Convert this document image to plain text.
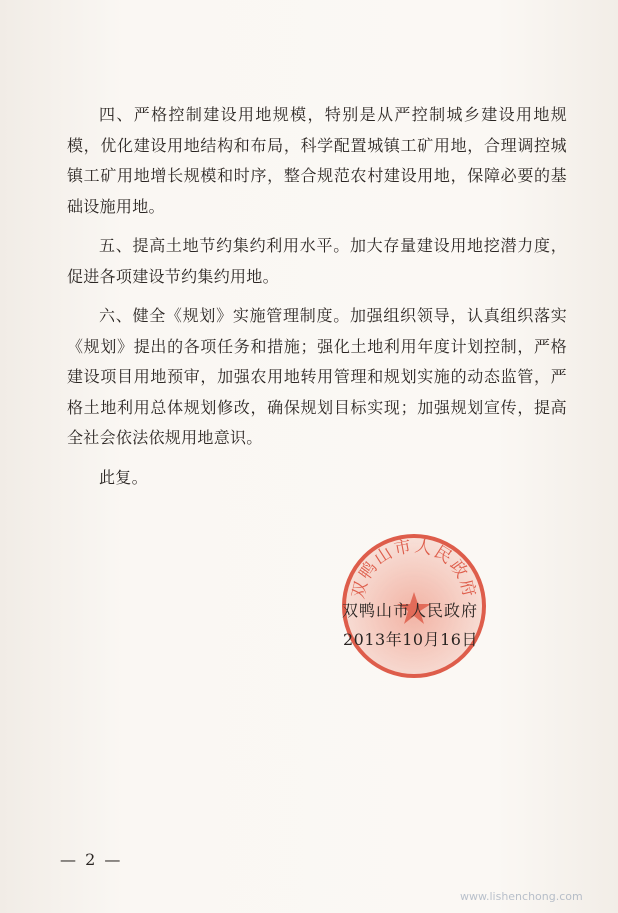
四、严格控制建设用地规模，特别是从严控制城乡建设用地规模，优化建设用地结构和布局，科学配置城镇工矿用地，合理调控城镇工矿用地增长规模和时序，整合规范农村建设用地，保障必要的基础设施用地。

五、提高土地节约集约利用水平。加大存量建设用地挖潜力度，促进各项建设节约集约用地。

六、健全《规划》实施管理制度。加强组织领导，认真组织落实《规划》提出的各项任务和措施；强化土地利用年度计划控制，严格建设项目用地预审，加强农用地转用管理和规划实施的动态监管，严格土地利用总体规划修改，确保规划目标实现；加强规划宣传，提高全社会依法依规用地意识。

此复。

双鸭山市人民政府
双鸭山市人民政府
2013年10月16日
— 2 —
www.lishenchong.com
